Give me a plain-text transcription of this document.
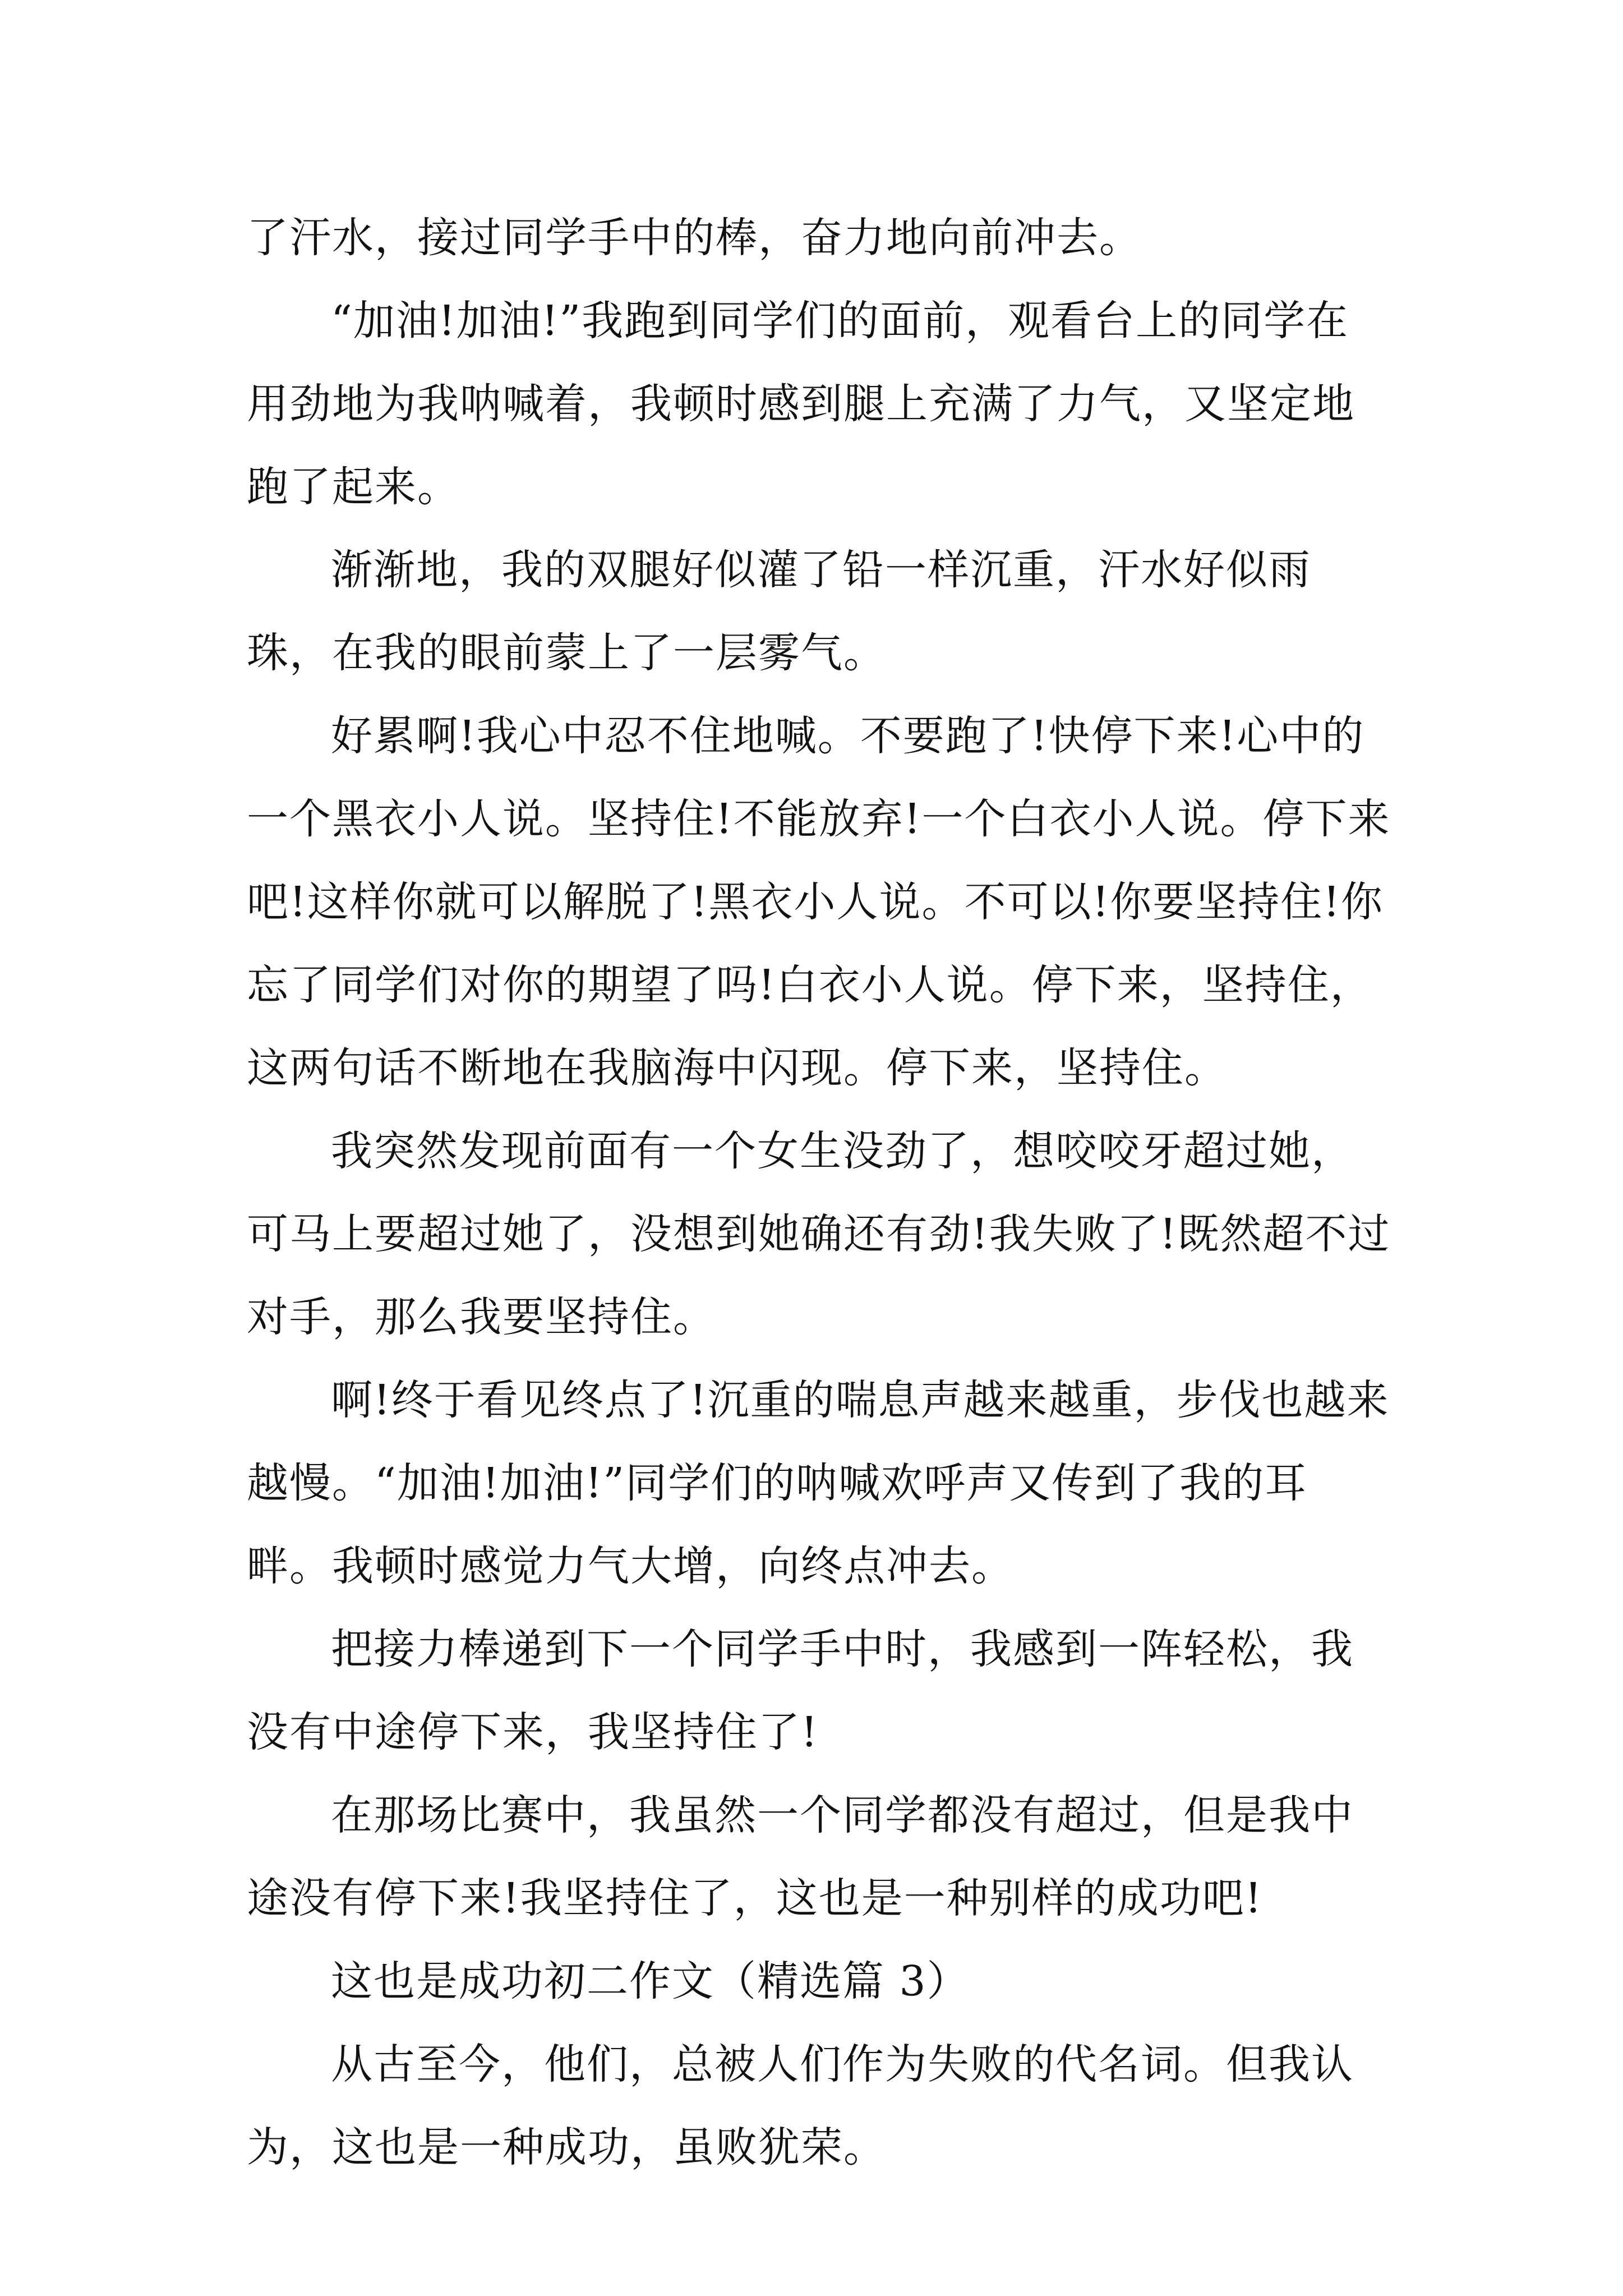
了汗水，接过同学手中的棒，奋力地向前冲去。

“加油!加油!”我跑到同学们的面前，观看台上的同学在用劲地为我呐喊着，我顿时感到腿上充满了力气，又坚定地跑了起来。

渐渐地，我的双腿好似灌了铅一样沉重，汗水好似雨珠，在我的眼前蒙上了一层雾气。

好累啊!我心中忍不住地喊。不要跑了!快停下来!心中的一个黑衣小人说。坚持住!不能放弃!一个白衣小人说。停下来吧!这样你就可以解脱了!黑衣小人说。不可以!你要坚持住!你忘了同学们对你的期望了吗!白衣小人说。停下来，坚持住，这两句话不断地在我脑海中闪现。停下来，坚持住。

我突然发现前面有一个女生没劲了，想咬咬牙超过她，可马上要超过她了，没想到她确还有劲!我失败了!既然超不过对手，那么我要坚持住。

啊!终于看见终点了!沉重的喘息声越来越重，步伐也越来越慢。“加油!加油!”同学们的呐喊欢呼声又传到了我的耳畔。我顿时感觉力气大增，向终点冲去。

把接力棒递到下一个同学手中时，我感到一阵轻松，我没有中途停下来，我坚持住了!

在那场比赛中，我虽然一个同学都没有超过，但是我中途没有停下来!我坚持住了，这也是一种别样的成功吧!

这也是成功初二作文（精选篇 3）

从古至今，他们，总被人们作为失败的代名词。但我认为，这也是一种成功，虽败犹荣。
